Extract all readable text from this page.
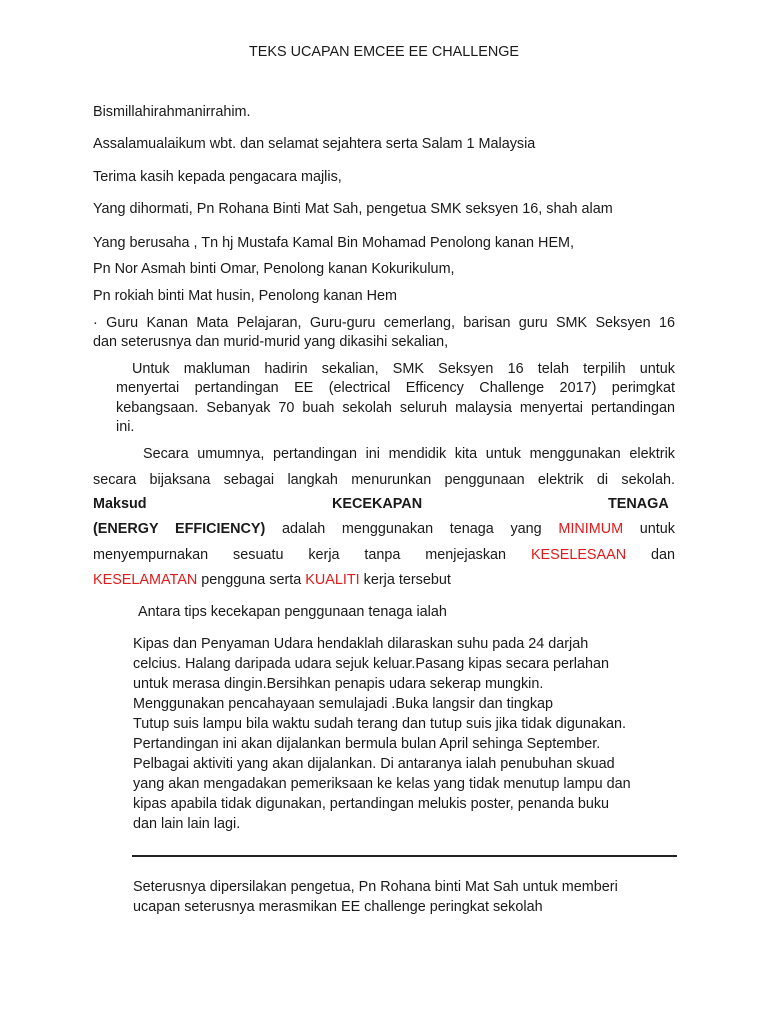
TEKS UCAPAN EMCEE EE CHALLENGE
Bismillahirahmanirrahim.
Assalamualaikum wbt. dan selamat sejahtera serta Salam 1 Malaysia
Terima kasih kepada pengacara majlis,
Yang dihormati, Pn Rohana Binti Mat Sah, pengetua SMK seksyen 16, shah alam
Yang berusaha , Tn hj Mustafa Kamal Bin Mohamad Penolong kanan HEM,
Pn Nor Asmah binti Omar, Penolong kanan Kokurikulum,
Pn rokiah binti Mat husin, Penolong kanan Hem
· Guru Kanan Mata Pelajaran, Guru-guru cemerlang, barisan guru SMK Seksyen 16
dan seterusnya dan murid-murid yang dikasihi sekalian,
Untuk makluman hadirin sekalian, SMK Seksyen 16 telah terpilih untuk
menyertai pertandingan EE (electrical Efficency Challenge 2017) perimgkat
kebangsaan. Sebanyak 70 buah sekolah seluruh malaysia menyertai pertandingan
ini.
Secara umumnya, pertandingan ini mendidik kita untuk menggunakan elektrik
secara bijaksana sebagai langkah menurunkan penggunaan elektrik di sekolah.
Maksud	KECEKAPAN	TENAGA
(ENERGY EFFICIENCY) adalah menggunakan tenaga yang MINIMUM untuk
menyempurnakan sesuatu kerja tanpa menjejaskan KESELESAAN dan
KESELAMATAN pengguna serta KUALITI kerja tersebut
Antara tips kecekapan penggunaan tenaga ialah
Kipas dan Penyaman Udara hendaklah dilaraskan suhu pada 24 darjah
celcius. Halang daripada udara sejuk keluar.Pasang kipas secara perlahan
untuk merasa dingin.Bersihkan penapis udara sekerap mungkin.
Menggunakan pencahayaan semulajadi .Buka langsir dan tingkap
Tutup suis lampu bila waktu sudah terang dan tutup suis jika tidak digunakan.
Pertandingan ini akan dijalankan bermula bulan April sehinga September.
Pelbagai aktiviti yang akan dijalankan. Di antaranya ialah penubuhan skuad
yang akan mengadakan pemeriksaan ke kelas yang tidak menutup lampu dan
kipas apabila tidak digunakan, pertandingan melukis poster, penanda buku
dan lain lain lagi.
Seterusnya dipersilakan pengetua, Pn Rohana binti Mat Sah untuk memberi
ucapan seterusnya merasmikan EE challenge peringkat sekolah
